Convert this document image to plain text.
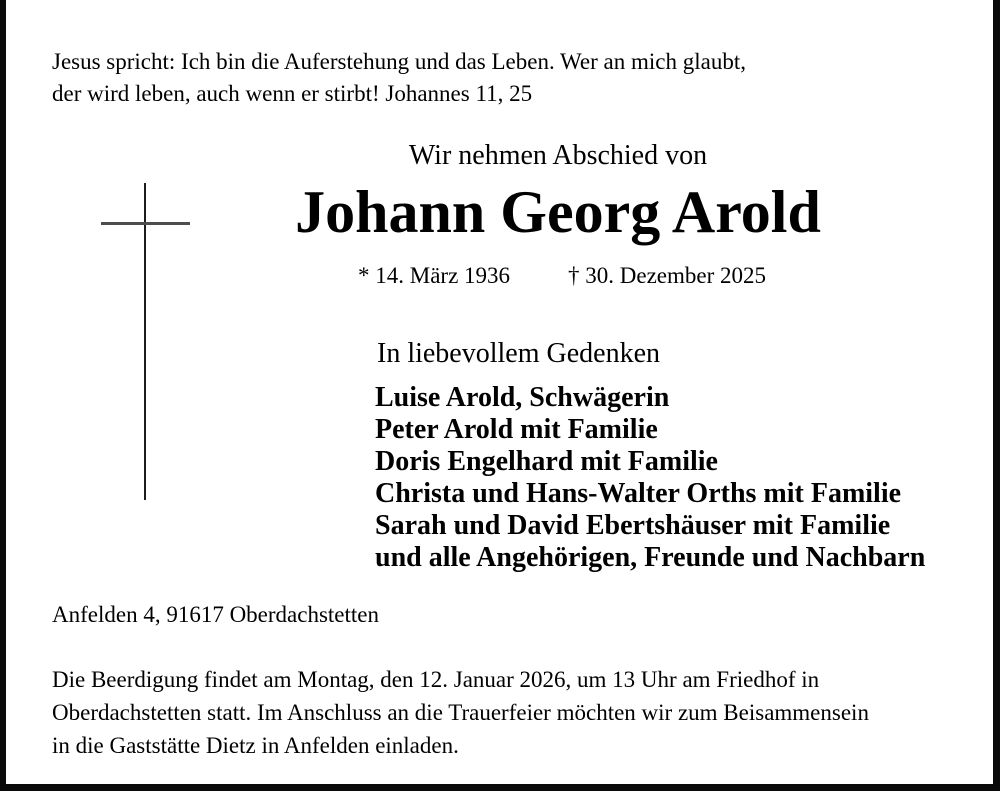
Jesus spricht: Ich bin die Auferstehung und das Leben. Wer an mich glaubt,
der wird leben, auch wenn er stirbt! Johannes 11, 25
Wir nehmen Abschied von
Johann Georg Arold
* 14. März 1936	† 30. Dezember 2025
In liebevollem Gedenken
Luise Arold, Schwägerin
Peter Arold mit Familie
Doris Engelhard mit Familie
Christa und Hans-Walter Orths mit Familie
Sarah und David Ebertshäuser mit Familie
und alle Angehörigen, Freunde und Nachbarn
Anfelden 4, 91617 Oberdachstetten
Die Beerdigung findet am Montag, den 12. Januar 2026, um 13 Uhr am Friedhof in
Oberdachstetten statt. Im Anschluss an die Trauerfeier möchten wir zum Beisammensein
in die Gaststätte Dietz in Anfelden einladen.
